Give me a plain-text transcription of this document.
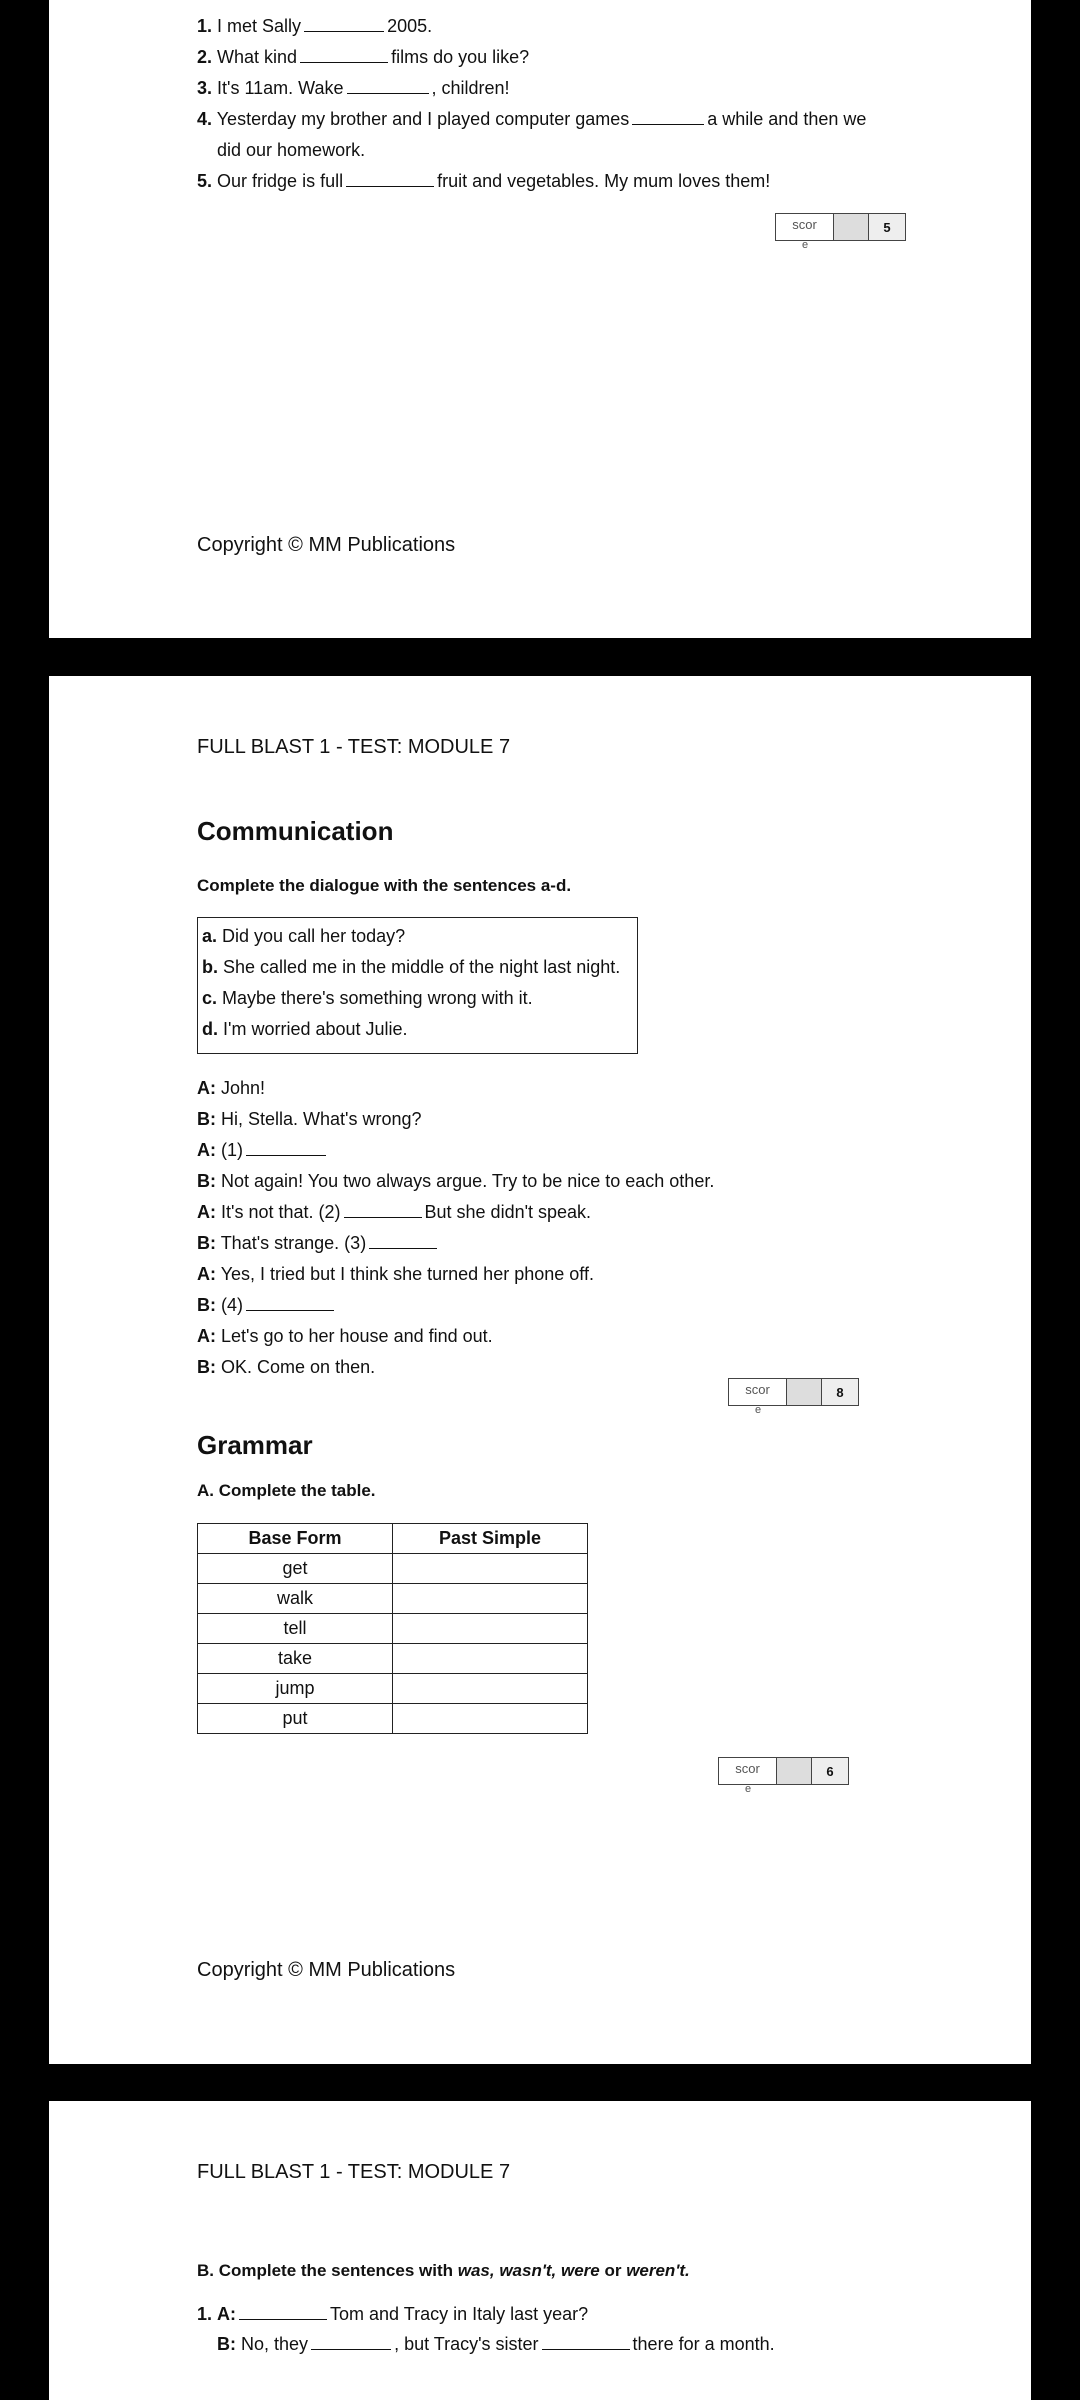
1. I met Sally	2005.
2. What kind	films do you like?
3. It's 11am. Wake	, children!
4. Yesterday my brother and I played computer games	a while and then we
did our homework.
5. Our fridge is full	fruit and vegetables. My mum loves them!
scor
e
5
Copyright © MM Publications
FULL BLAST 1 - TEST: MODULE 7
Communication
Complete the dialogue with the sentences a-d.
a. Did you call her today?
b. She called me in the middle of the night last night.
c. Maybe there's something wrong with it.
d. I'm worried about Julie.
A: John!
B: Hi, Stella. What's wrong?
A: (1)
B: Not again! You two always argue. Try to be nice to each other.
A: It's not that. (2)	But she didn't speak.
B: That's strange. (3)
A: Yes, I tried but I think she turned her phone off.
B: (4)
A: Let's go to her house and find out.
B: OK. Come on then.
scor
e
8
Grammar
A. Complete the table.
Base Form	Past Simple
get	
walk	
tell	
take	
jump	
put	
scor
e
6
Copyright © MM Publications
FULL BLAST 1 - TEST: MODULE 7
B. Complete the sentences with was, wasn't, were or weren't.
1. A:	Tom and Tracy in Italy last year?
B: No, they	, but Tracy's sister	there for a month.
